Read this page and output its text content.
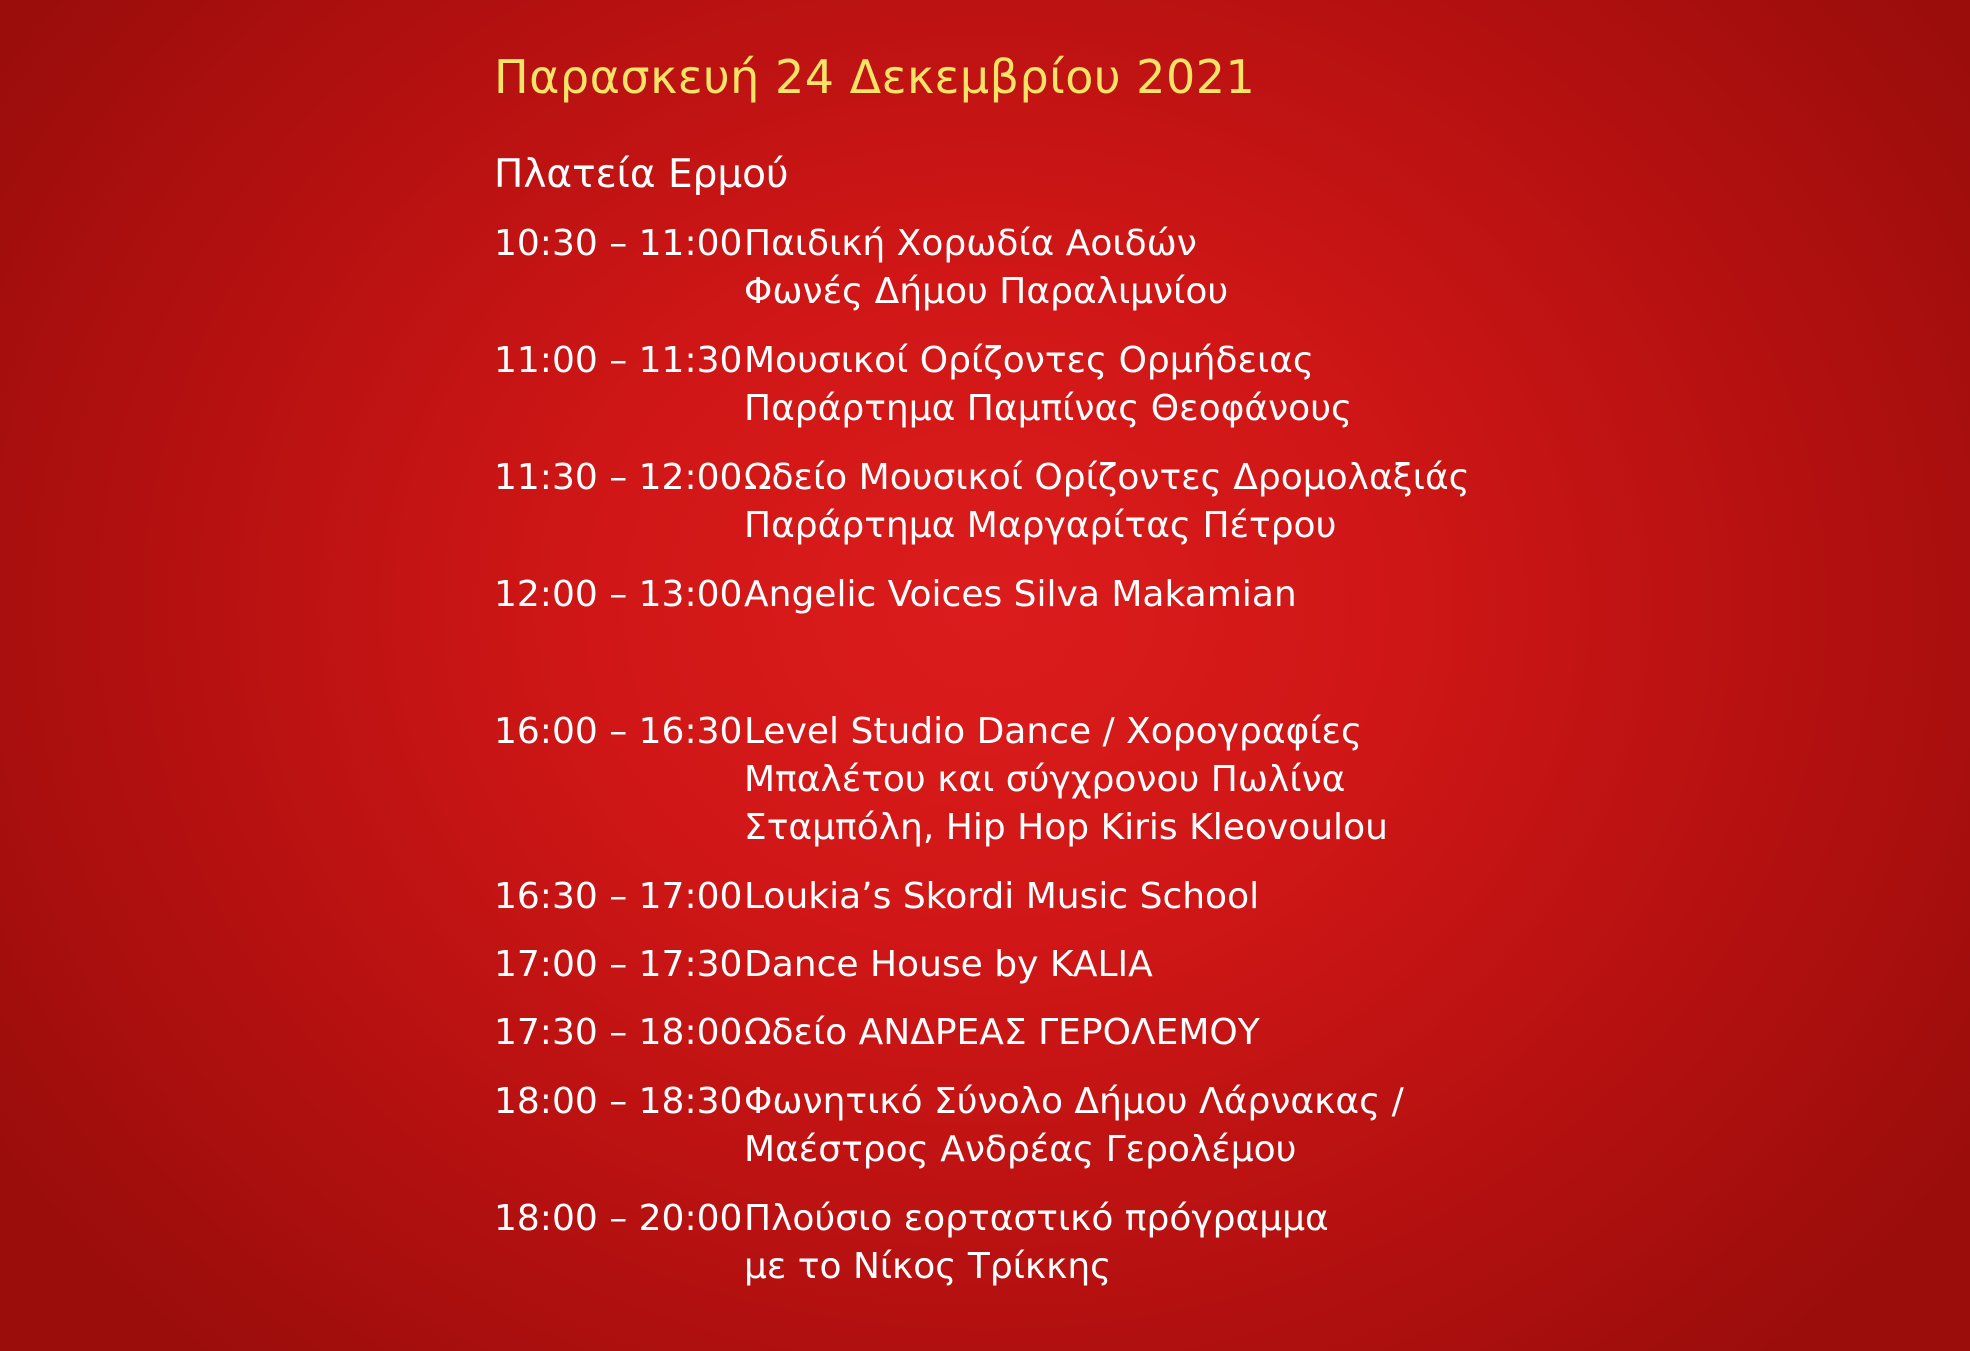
Παρασκευή 24 Δεκεμβρίου 2021
Πλατεία Ερμού
10:30 – 11:00 Παιδική Χορωδία Αοιδών
Φωνές Δήμου Παραλιμνίου
11:00 – 11:30 Μουσικοί Ορίζοντες Ορμήδειας
Παράρτημα Παμπίνας Θεοφάνους
11:30 – 12:00 Ωδείο Μουσικοί Ορίζοντες Δρομολαξιάς
Παράρτημα Μαργαρίτας Πέτρου
12:00 – 13:00 Angelic Voices Silva Makamian
16:00 – 16:30 Level Studio Dance / Χορογραφίες
Μπαλέτου και σύγχρονου Πωλίνα
Σταμπόλη, Hip Hop Kiris Kleovoulou
16:30 – 17:00 Loukia’s Skordi Music School
17:00 – 17:30 Dance House by KALIA
17:30 – 18:00 Ωδείο ΑΝΔΡΕΑΣ ΓΕΡΟΛΕΜΟΥ
18:00 – 18:30 Φωνητικό Σύνολο Δήμου Λάρνακας /
Μαέστρος Ανδρέας Γερολέμου
18:00 – 20:00 Πλούσιο εορταστικό πρόγραμμα
με το Νίκος Τρίκκης
